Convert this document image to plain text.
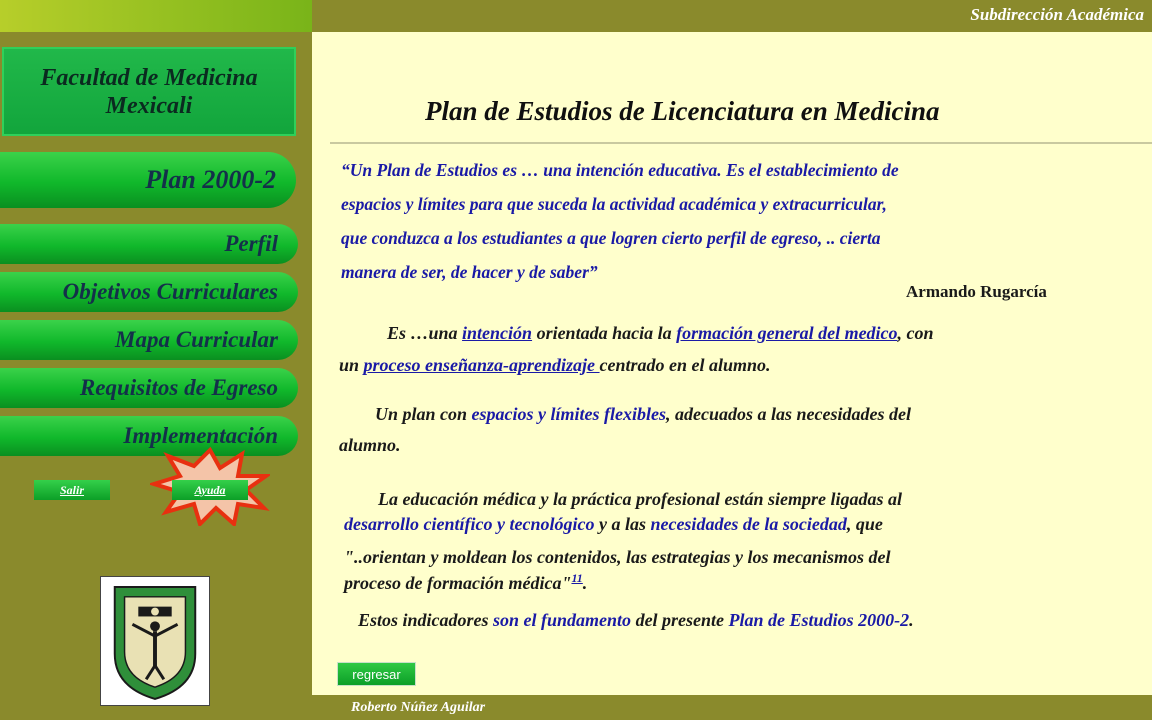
Subdirección Académica
Facultad de Medicina
Mexicali
Plan 2000-2
Perfil
Objetivos Curriculares
Mapa Curricular
Requisitos de Egreso
Implementación
Salir	Ayuda
Plan de Estudios de Licenciatura en Medicina
“Un Plan de Estudios es … una intención educativa. Es el establecimiento de
espacios y límites para que suceda la actividad académica y extracurricular,
que conduzca a los estudiantes a que logren cierto perfil de egreso, .. cierta
manera de ser, de hacer y de saber”
Armando Rugarcía
Es …una intención orientada hacia la formación general del medico, con
un proceso enseñanza-aprendizaje centrado en el alumno.
Un plan con espacios y límites flexibles, adecuados a las necesidades del
alumno.
La educación médica y la práctica profesional están siempre ligadas al
desarrollo científico y tecnológico y a las necesidades de la sociedad, que
"..orientan y moldean los contenidos, las estrategias y los mecanismos del
proceso de formación médica"$^{11}$.
Estos indicadores son el fundamento del presente Plan de Estudios 2000-2.
regresar
Roberto Núñez Aguilar
